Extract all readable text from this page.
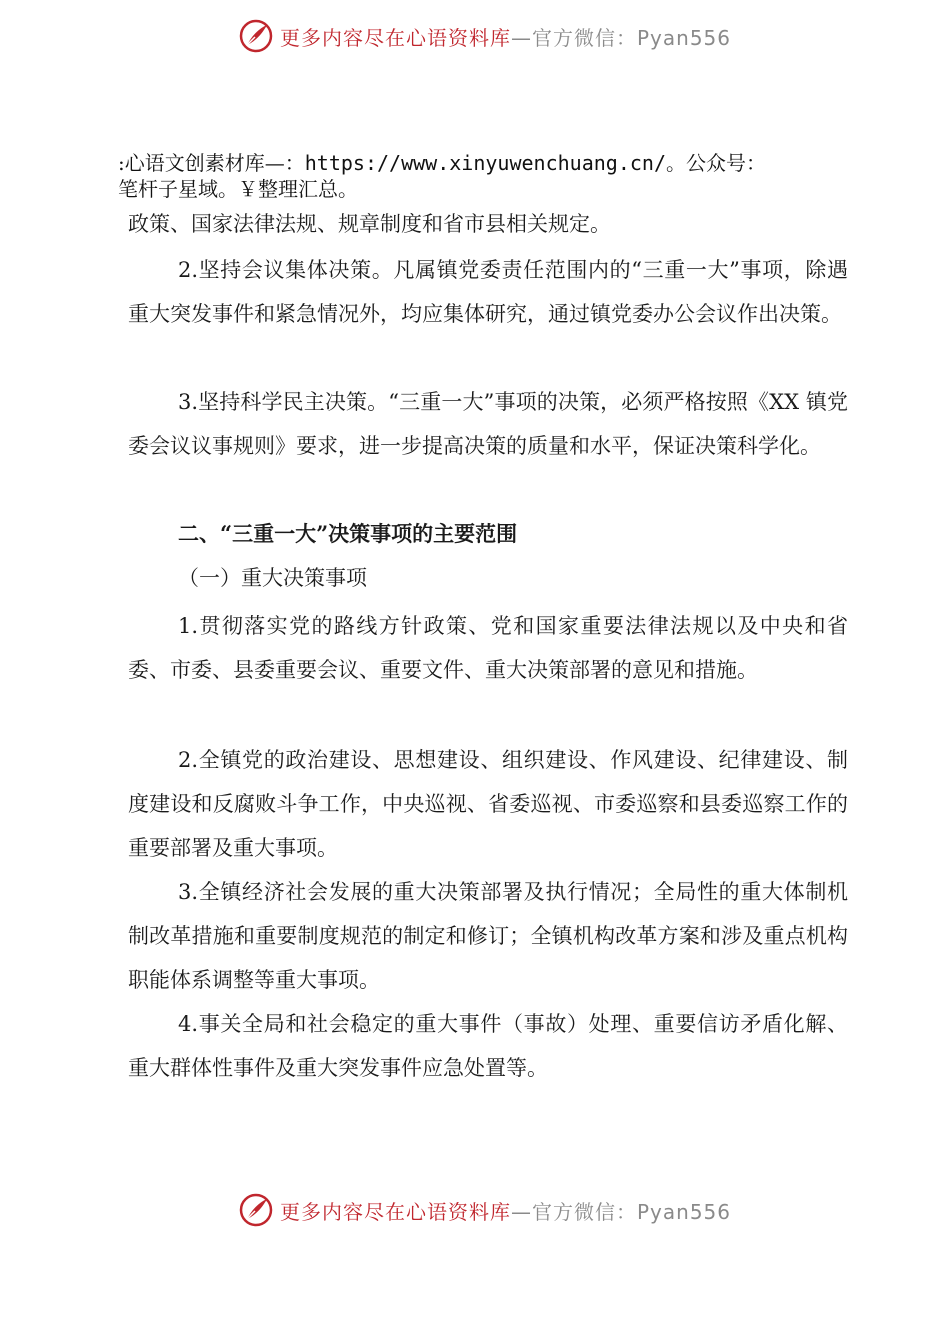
更多内容尽在心语资料库 —官方微信：Pyan556
:心语文创素材库—：https://www.xinyuwenchuang.cn/。公众号：
笔杆子星域。￥整理汇总。

政策、国家法律法规、规章制度和省市县相关规定。

2.坚持会议集体决策。凡属镇党委责任范围内的“三重一大”事项，除遇重大突发事件和紧急情况外，均应集体研究，通过镇党委办公会议作出决策。

3.坚持科学民主决策。“三重一大”事项的决策，必须严格按照《XX 镇党委会议议事规则》要求，进一步提高决策的质量和水平，保证决策科学化。

二、“三重一大”决策事项的主要范围

（一）重大决策事项

1.贯彻落实党的路线方针政策、党和国家重要法律法规以及中央和省委、市委、县委重要会议、重要文件、重大决策部署的意见和措施。

2.全镇党的政治建设、思想建设、组织建设、作风建设、纪律建设、制度建设和反腐败斗争工作，中央巡视、省委巡视、市委巡察和县委巡察工作的重要部署及重大事项。

3.全镇经济社会发展的重大决策部署及执行情况；全局性的重大体制机制改革措施和重要制度规范的制定和修订；全镇机构改革方案和涉及重点机构职能体系调整等重大事项。

4.事关全局和社会稳定的重大事件（事故）处理、重要信访矛盾化解、重大群体性事件及重大突发事件应急处置等。

更多内容尽在心语资料库 —官方微信：Pyan556
